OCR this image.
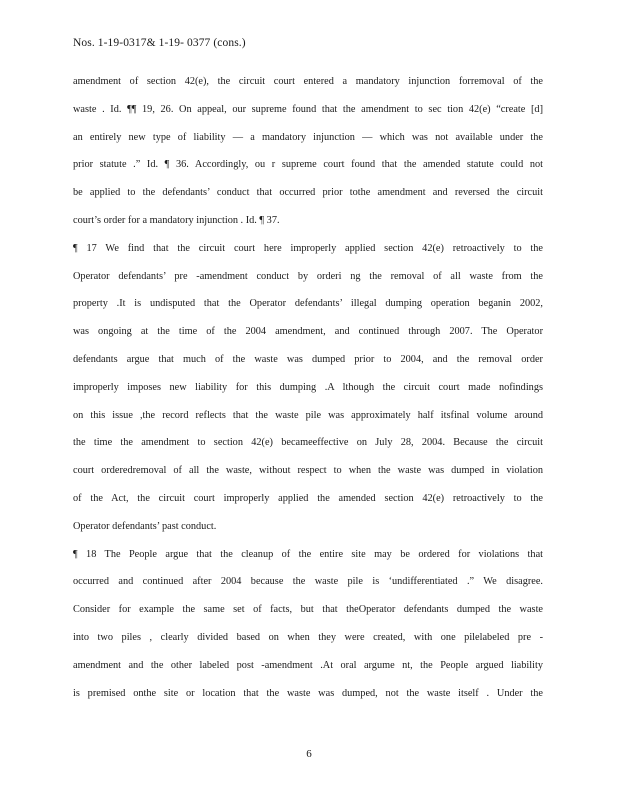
Nos. 1-19-0317& 1-19- 0377 (cons.)
amendment of section 42(e), the circuit court entered a mandatory injunction forremoval of the
waste . Id. ¶¶ 19, 26. On appeal, our supreme found that the amendment to sec tion 42(e) “create [d]
an entirely new type of liability — a mandatory injunction — which was not available under the
prior statute .” Id. ¶ 36. Accordingly, ou r supreme court found that the amended statute could not
be applied to the defendants’ conduct that occurred prior tothe amendment and reversed the circuit
court’s order for a mandatory injunction . Id. ¶ 37.
¶ 17 We find that the circuit court here improperly applied section 42(e) retroactively to the
Operator defendants’ pre -amendment conduct by orderi ng the removal of all waste from the
property .It is undisputed that the Operator defendants’ illegal dumping operation beganin 2002,
was ongoing at the time of the 2004 amendment, and continued through 2007. The Operator
defendants argue that much of the waste was dumped prior to 2004, and the removal order
improperly imposes new liability for this dumping .A lthough the circuit court made nofindings
on this issue ,the record reflects that the waste pile was approximately half itsfinal volume around
the time the amendment to section 42(e) becameeffective on July 28, 2004. Because the circuit
court orderedremoval of all the waste, without respect to when the waste was dumped in violation
of the Act, the circuit court improperly applied the amended section 42(e) retroactively to the
Operator defendants’ past conduct.
¶ 18 The People argue that the cleanup of the entire site may be ordered for violations that
occurred and continued after 2004 because the waste pile is ‘undifferentiated .” We disagree.
Consider for example the same set of facts, but that theOperator defendants dumped the waste
into two piles , clearly divided based on when they were created, with one pilelabeled pre -
amendment and the other labeled post -amendment .At oral argume nt, the People argued liability
is premised onthe site or location that the waste was dumped, not the waste itself . Under the
6
